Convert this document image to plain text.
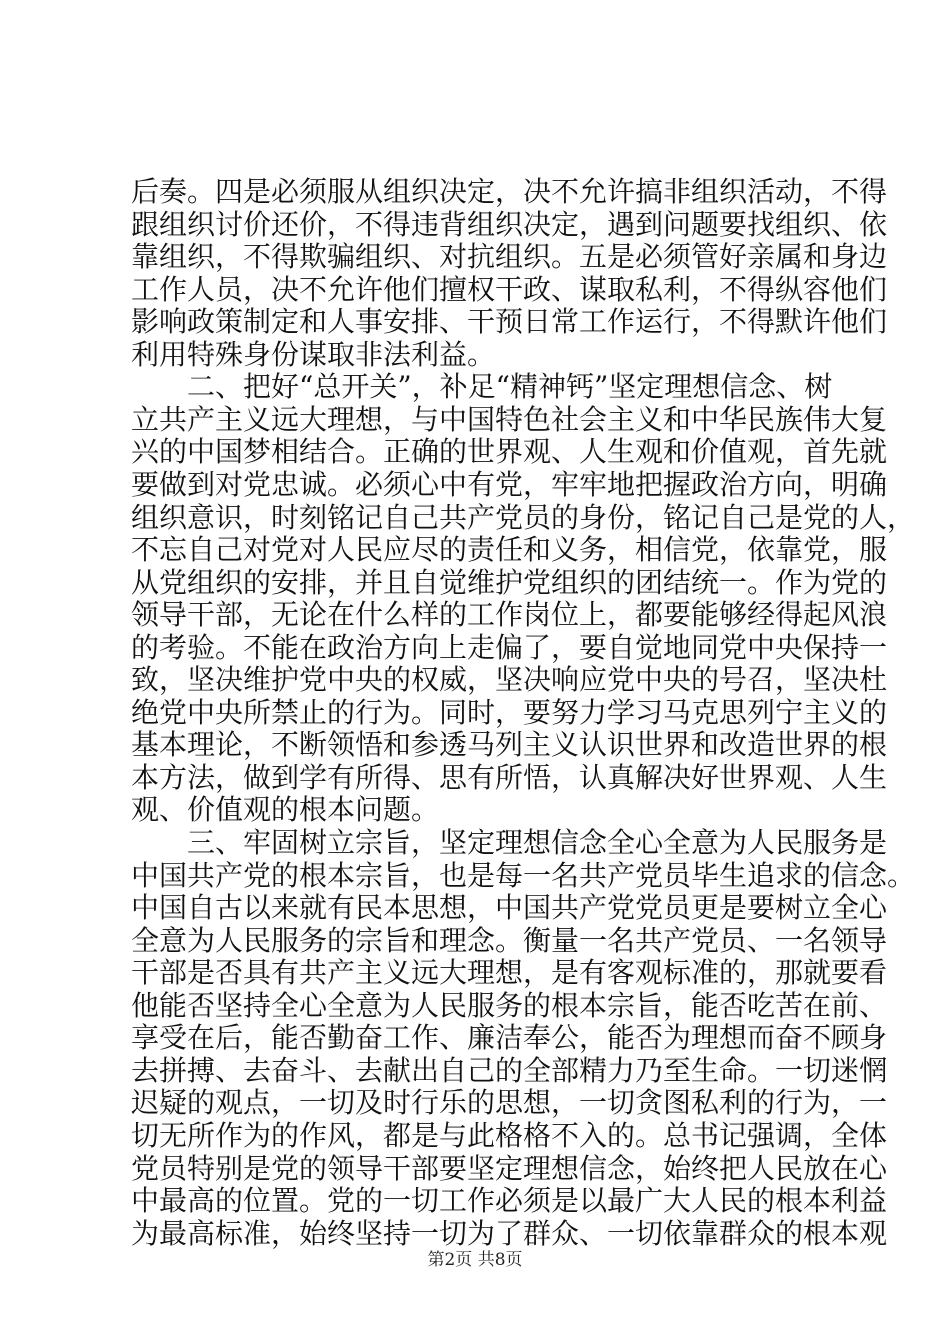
后奏。四是必须服从组织决定，决不允许搞非组织活动，不得
跟组织讨价还价，不得违背组织决定，遇到问题要找组织、依
靠组织，不得欺骗组织、对抗组织。五是必须管好亲属和身边
工作人员，决不允许他们擅权干政、谋取私利，不得纵容他们
影响政策制定和人事安排、干预日常工作运行，不得默许他们
利用特殊身份谋取非法利益。
　　二、把好“总开关”，补足“精神钙”坚定理想信念、树
立共产主义远大理想，与中国特色社会主义和中华民族伟大复
兴的中国梦相结合。正确的世界观、人生观和价值观，首先就
要做到对党忠诚。必须心中有党，牢牢地把握政治方向，明确
组织意识，时刻铭记自己共产党员的身份，铭记自己是党的人，
不忘自己对党对人民应尽的责任和义务，相信党，依靠党，服
从党组织的安排，并且自觉维护党组织的团结统一。作为党的
领导干部，无论在什么样的工作岗位上，都要能够经得起风浪
的考验。不能在政治方向上走偏了，要自觉地同党中央保持一
致，坚决维护党中央的权威，坚决响应党中央的号召，坚决杜
绝党中央所禁止的行为。同时，要努力学习马克思列宁主义的
基本理论，不断领悟和参透马列主义认识世界和改造世界的根
本方法，做到学有所得、思有所悟，认真解决好世界观、人生
观、价值观的根本问题。
　　三、牢固树立宗旨，坚定理想信念全心全意为人民服务是
中国共产党的根本宗旨，也是每一名共产党员毕生追求的信念。
中国自古以来就有民本思想，中国共产党党员更是要树立全心
全意为人民服务的宗旨和理念。衡量一名共产党员、一名领导
干部是否具有共产主义远大理想，是有客观标准的，那就要看
他能否坚持全心全意为人民服务的根本宗旨，能否吃苦在前、
享受在后，能否勤奋工作、廉洁奉公，能否为理想而奋不顾身
去拼搏、去奋斗、去献出自己的全部精力乃至生命。一切迷惘
迟疑的观点，一切及时行乐的思想，一切贪图私利的行为，一
切无所作为的作风，都是与此格格不入的。总书记强调，全体
党员特别是党的领导干部要坚定理想信念，始终把人民放在心
中最高的位置。党的一切工作必须是以最广大人民的根本利益
为最高标准，始终坚持一切为了群众、一切依靠群众的根本观
第2页 共8页
